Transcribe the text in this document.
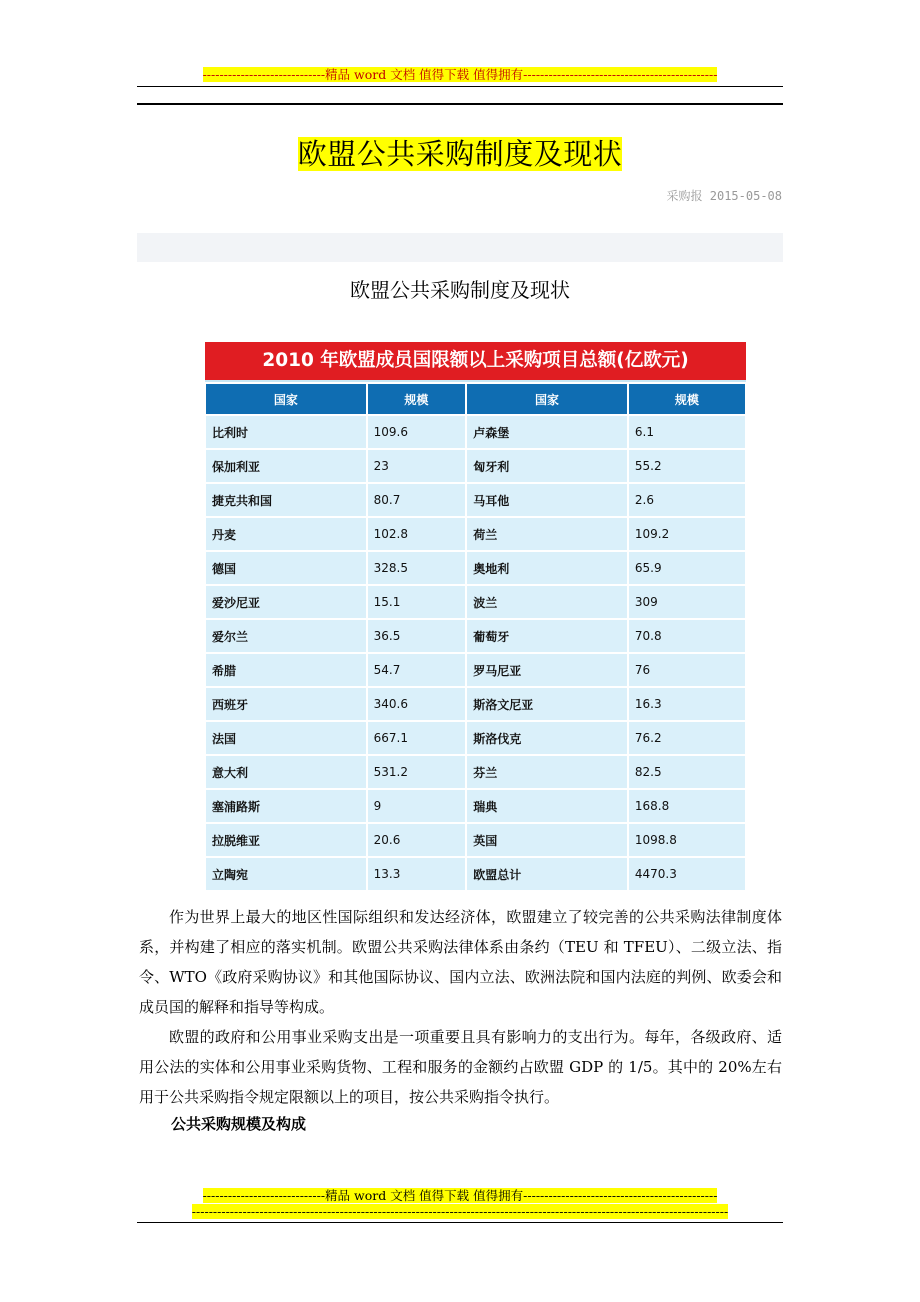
-----------------------------精品 word 文档 值得下载 值得拥有----------------------------------------------
欧盟公共采购制度及现状
采购报 2015-05-08
欧盟公共采购制度及现状
2010 年欧盟成员国限额以上采购项目总额(亿欧元)
国家	规模	国家	规模
比利时	109.6	卢森堡	6.1
保加利亚	23	匈牙利	55.2
捷克共和国	80.7	马耳他	2.6
丹麦	102.8	荷兰	109.2
德国	328.5	奥地利	65.9
爱沙尼亚	15.1	波兰	309
爱尔兰	36.5	葡萄牙	70.8
希腊	54.7	罗马尼亚	76
西班牙	340.6	斯洛文尼亚	16.3
法国	667.1	斯洛伐克	76.2
意大利	531.2	芬兰	82.5
塞浦路斯	9	瑞典	168.8
拉脱维亚	20.6	英国	1098.8
立陶宛	13.3	欧盟总计	4470.3

作为世界上最大的地区性国际组织和发达经济体，欧盟建立了较完善的公共采购法律制度体系，并构建了相应的落实机制。欧盟公共采购法律体系由条约（TEU 和 TFEU）、二级立法、指令、WTO《政府采购协议》和其他国际协议、国内立法、欧洲法院和国内法庭的判例、欧委会和成员国的解释和指导等构成。

欧盟的政府和公用事业采购支出是一项重要且具有影响力的支出行为。每年，各级政府、适用公法的实体和公用事业采购货物、工程和服务的金额约占欧盟 GDP 的 1/5。其中的 20%左右用于公共采购指令规定限额以上的项目，按公共采购指令执行。

公共采购规模及构成
-----------------------------精品 word 文档 值得下载 值得拥有----------------------------------------------
-------------------------------------------------------------------------------------------------------------------------------
